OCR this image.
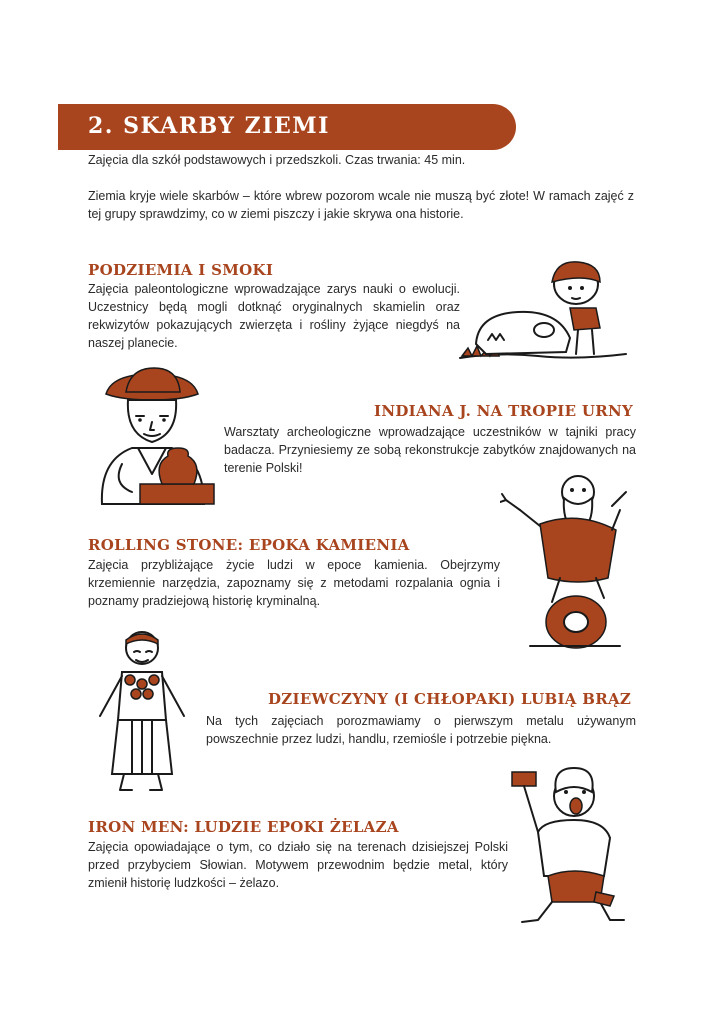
2. SKARBY ZIEMI

Zajęcia dla szkół podstawowych i przedszkoli. Czas trwania: 45 min.

Ziemia kryje wiele skarbów – które wbrew pozorom wcale nie muszą być złote! W ramach zajęć z tej grupy sprawdzimy, co w ziemi piszczy i jakie skrywa ona historie.

PODZIEMIA I SMOKI

Zajęcia paleontologiczne wprowadzające zarys nauki o ewolucji. Uczestnicy będą mogli dotknąć oryginalnych skamielin oraz rekwizytów pokazujących zwierzęta i rośliny żyjące niegdyś na naszej planecie.

INDIANA J. NA TROPIE URNY

Warsztaty archeologiczne wprowadzające uczestników w tajniki pracy badacza. Przyniesiemy ze sobą rekonstrukcje zabytków znajdowanych na terenie Polski!

ROLLING STONE: EPOKA KAMIENIA

Zajęcia przybliżające życie ludzi w epoce kamienia. Obejrzymy krzemiennie narzędzia, zapoznamy się z metodami rozpalania ognia i poznamy pradziejową historię kryminalną.

DZIEWCZYNY (I CHŁOPAKI) LUBIĄ BRĄZ

Na tych zajęciach porozmawiamy o pierwszym metalu używanym powszechnie przez ludzi, handlu, rzemiośle i potrzebie piękna.

IRON MEN: LUDZIE EPOKI ŻELAZA

Zajęcia opowiadające o tym, co działo się na terenach dzisiejszej Polski przed przybyciem Słowian. Motywem przewodnim będzie metal, który zmienił historię ludzkości – żelazo.
